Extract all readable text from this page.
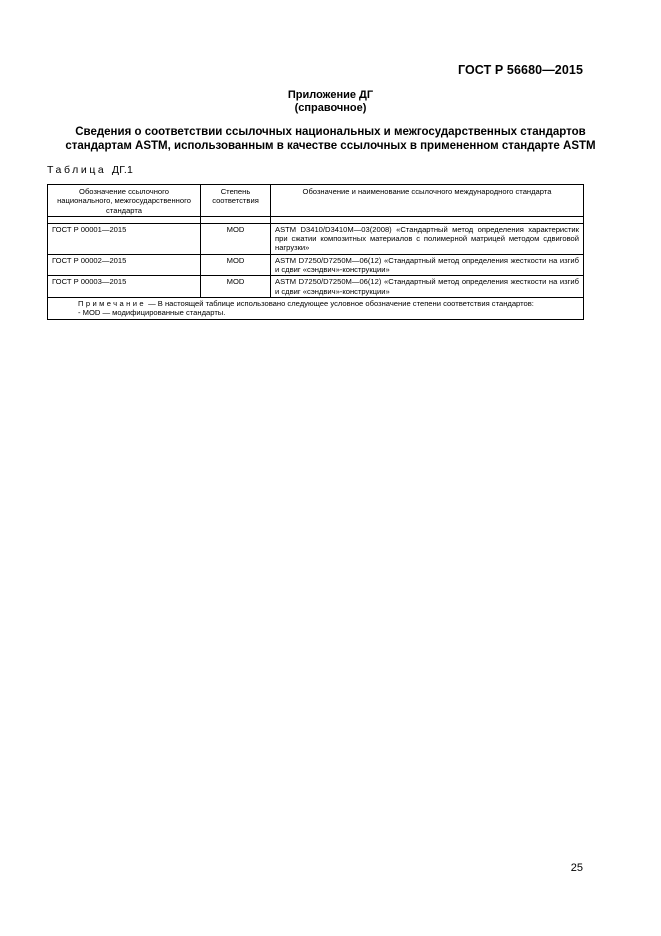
ГОСТ Р 56680—2015
Приложение ДГ
(справочное)
Сведения о соответствии ссылочных национальных и межгосударственных стандартов
стандартам ASTM, использованным в качестве ссылочных в примененном стандарте ASTM
Таблица ДГ.1
Обозначение ссылочного национального, межгосударственного стандарта	Степень соответствия	Обозначение и наименование ссылочного международного стандарта

ГОСТ Р 00001—2015	MOD	ASTM D3410/D3410M—03(2008) «Стандартный метод определения характеристик при сжатии композитных материалов с полимерной матрицей методом сдвиговой нагрузки»
ГОСТ Р 00002—2015	MOD	ASTM D7250/D7250M—06(12) «Стандартный метод определения жесткости на изгиб и сдвиг «сэндвич»-конструкции»
ГОСТ Р 00003—2015	MOD	ASTM D7250/D7250M—06(12) «Стандартный метод определения жесткости на изгиб и сдвиг «сэндвич»-конструкции»

Примечание — В настоящей таблице использовано следующее условное обозначение степени соответствия стандартов:
- MOD — модифицированные стандарты.		
25
